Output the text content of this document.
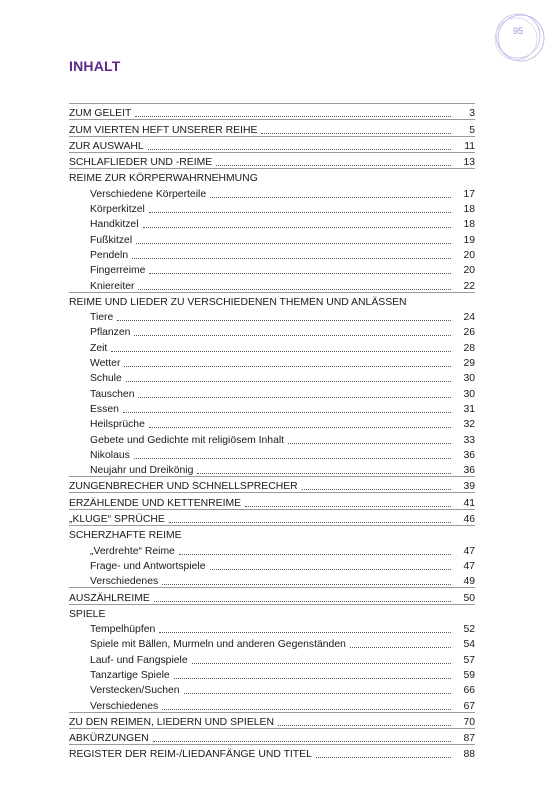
95
INHALT
ZUM GELEIT	3
ZUM VIERTEN HEFT UNSERER REIHE	5
ZUR AUSWAHL	11
SCHLAFLIEDER UND -REIME	13
REIME ZUR KÖRPERWAHRNEHMUNG
Verschiedene Körperteile	17
Körperkitzel	18
Handkitzel	18
Fußkitzel	19
Pendeln	20
Fingerreime	20
Kniereiter	22
REIME UND LIEDER ZU VERSCHIEDENEN THEMEN UND ANLÄSSEN
Tiere	24
Pflanzen	26
Zeit	28
Wetter	29
Schule	30
Tauschen	30
Essen	31
Heilsprüche	32
Gebete und Gedichte mit religiösem Inhalt	33
Nikolaus	36
Neujahr und Dreikönig	36
ZUNGENBRECHER UND SCHNELLSPRECHER	39
ERZÄHLENDE UND KETTENREIME	41
„KLUGE“ SPRÜCHE	46
SCHERZHAFTE REIME
„Verdrehte“ Reime	47
Frage- und Antwortspiele	47
Verschiedenes	49
AUSZÄHLREIME	50
SPIELE
Tempelhüpfen	52
Spiele mit Bällen, Murmeln und anderen Gegenständen	54
Lauf- und Fangspiele	57
Tanzartige Spiele	59
Verstecken/Suchen	66
Verschiedenes	67
ZU DEN REIMEN, LIEDERN UND SPIELEN	70
ABKÜRZUNGEN	87
REGISTER DER REIM-/LIEDANFÄNGE UND TITEL	88
